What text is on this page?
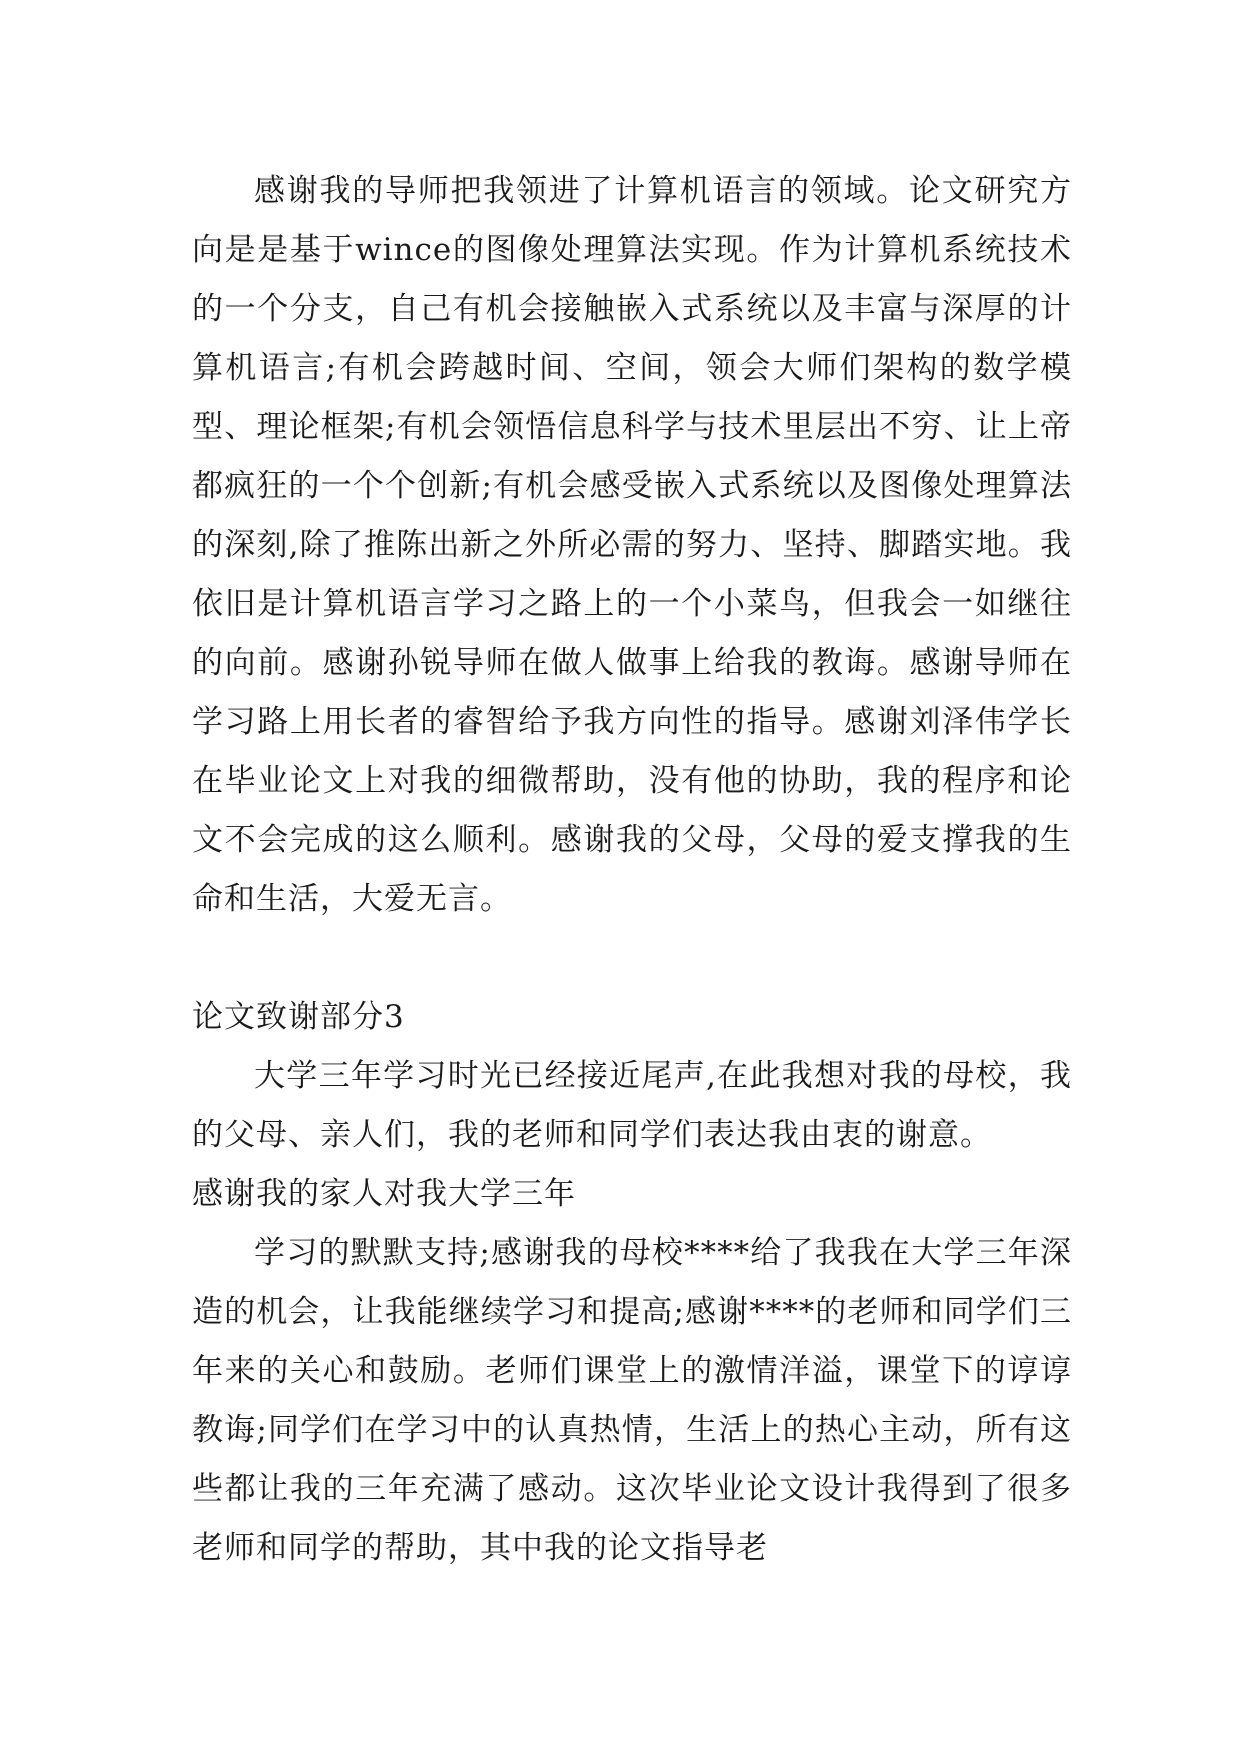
感谢我的导师把我领进了计算机语言的领域。论文研究方向是是基于wince的图像处理算法实现。作为计算机系统技术的一个分支，自己有机会接触嵌入式系统以及丰富与深厚的计算机语言;有机会跨越时间、空间，领会大师们架构的数学模型、理论框架;有机会领悟信息科学与技术里层出不穷、让上帝都疯狂的一个个创新;有机会感受嵌入式系统以及图像处理算法的深刻,除了推陈出新之外所必需的努力、坚持、脚踏实地。我依旧是计算机语言学习之路上的一个小菜鸟，但我会一如继往的向前。感谢孙锐导师在做人做事上给我的教诲。感谢导师在学习路上用长者的睿智给予我方向性的指导。感谢刘泽伟学长在毕业论文上对我的细微帮助，没有他的协助，我的程序和论文不会完成的这么顺利。感谢我的父母，父母的爱支撑我的生命和生活，大爱无言。

论文致谢部分3

大学三年学习时光已经接近尾声,在此我想对我的母校，我的父母、亲人们，我的老师和同学们表达我由衷的谢意。

感谢我的家人对我大学三年

学习的默默支持;感谢我的母校****给了我我在大学三年深造的机会，让我能继续学习和提高;感谢****的老师和同学们三年来的关心和鼓励。老师们课堂上的激情洋溢，课堂下的谆谆教诲;同学们在学习中的认真热情，生活上的热心主动，所有这些都让我的三年充满了感动。这次毕业论文设计我得到了很多老师和同学的帮助，其中我的论文指导老
